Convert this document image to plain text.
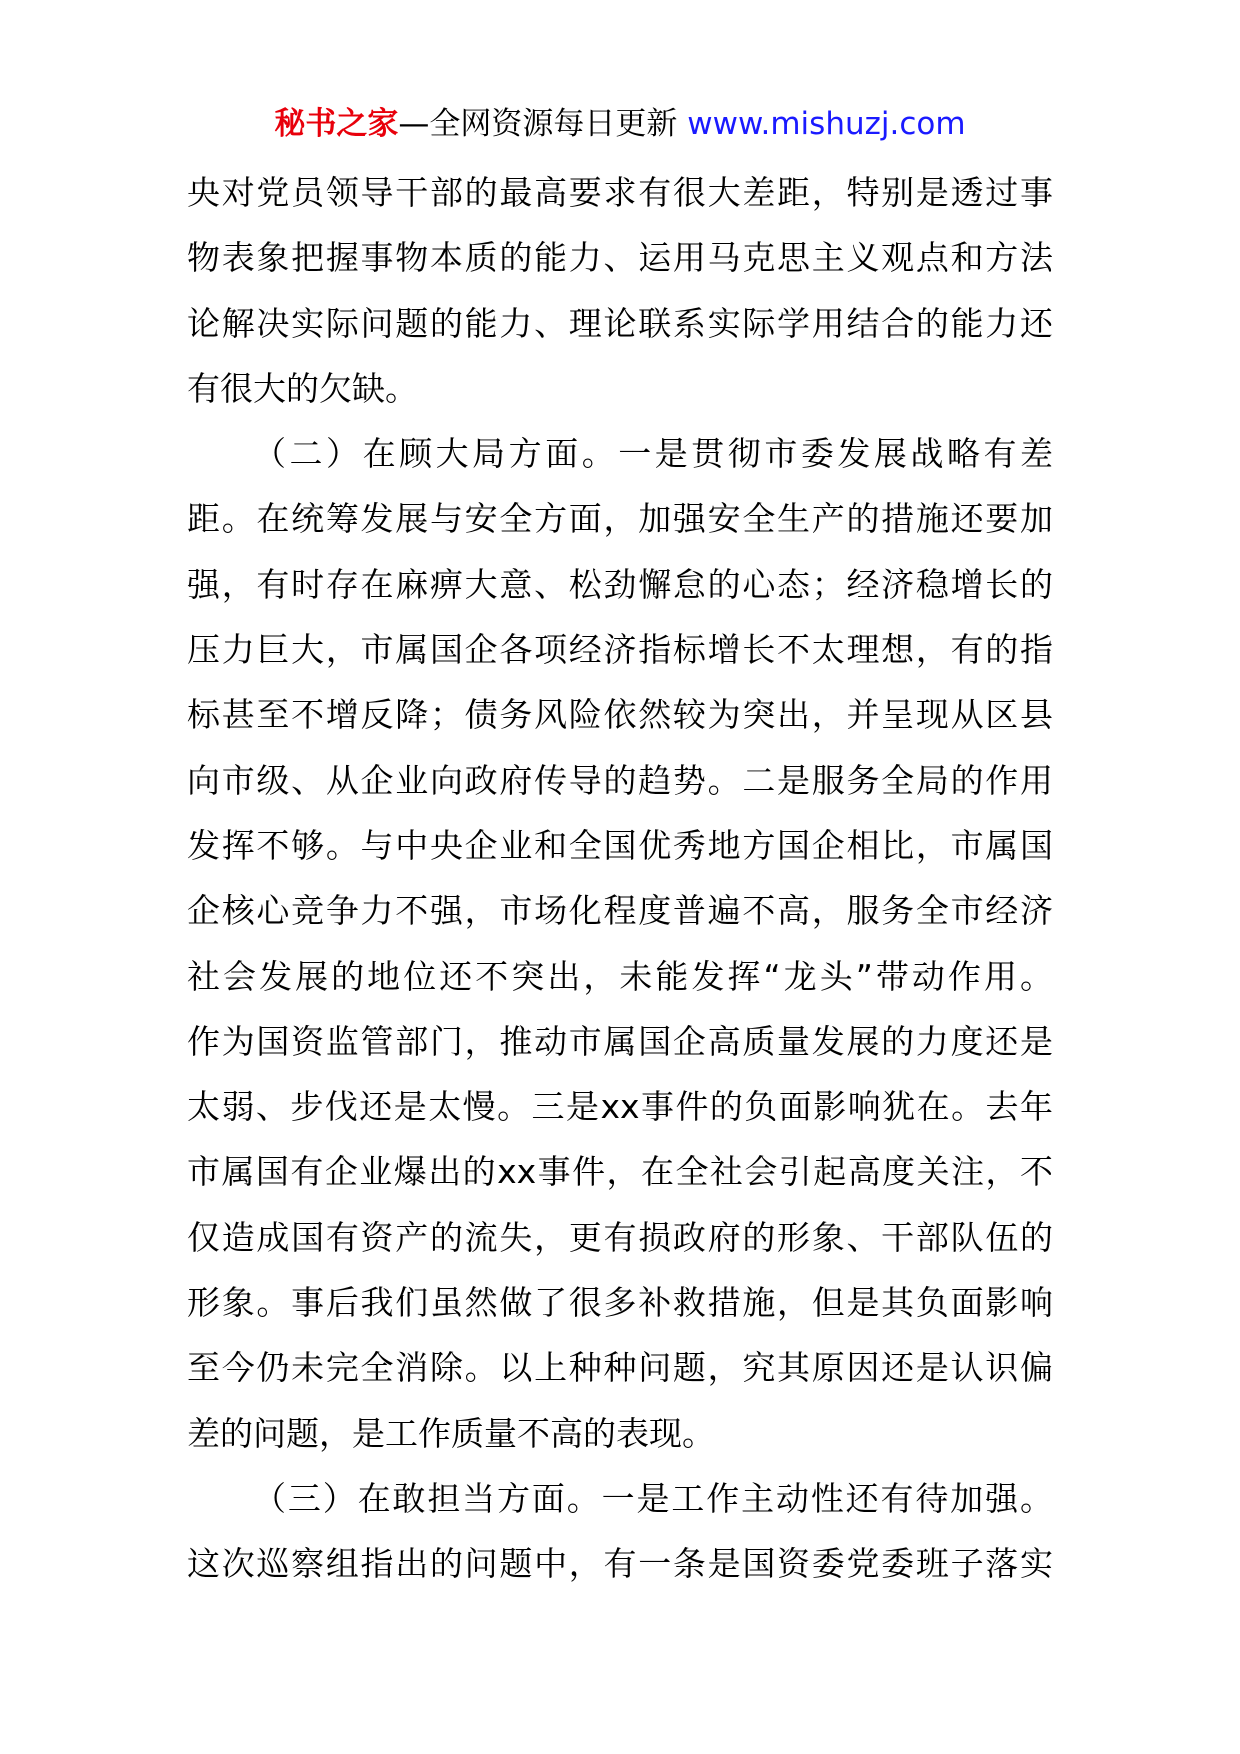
秘书之家—全网资源每日更新 www.mishuzj.com
央对党员领导干部的最高要求有很大差距，特别是透过事
物表象把握事物本质的能力、运用马克思主义观点和方法
论解决实际问题的能力、理论联系实际学用结合的能力还
有很大的欠缺。
（二）在顾大局方面。一是贯彻市委发展战略有差
距。在统筹发展与安全方面，加强安全生产的措施还要加
强，有时存在麻痹大意、松劲懈怠的心态；经济稳增长的
压力巨大，市属国企各项经济指标增长不太理想，有的指
标甚至不增反降；债务风险依然较为突出，并呈现从区县
向市级、从企业向政府传导的趋势。二是服务全局的作用
发挥不够。与中央企业和全国优秀地方国企相比，市属国
企核心竞争力不强，市场化程度普遍不高，服务全市经济
社会发展的地位还不突出，未能发挥“龙头”带动作用。
作为国资监管部门，推动市属国企高质量发展的力度还是
太弱、步伐还是太慢。三是xx事件的负面影响犹在。去年
市属国有企业爆出的xx事件，在全社会引起高度关注，不
仅造成国有资产的流失，更有损政府的形象、干部队伍的
形象。事后我们虽然做了很多补救措施，但是其负面影响
至今仍未完全消除。以上种种问题，究其原因还是认识偏
差的问题，是工作质量不高的表现。
（三）在敢担当方面。一是工作主动性还有待加强。
这次巡察组指出的问题中，有一条是国资委党委班子落实
